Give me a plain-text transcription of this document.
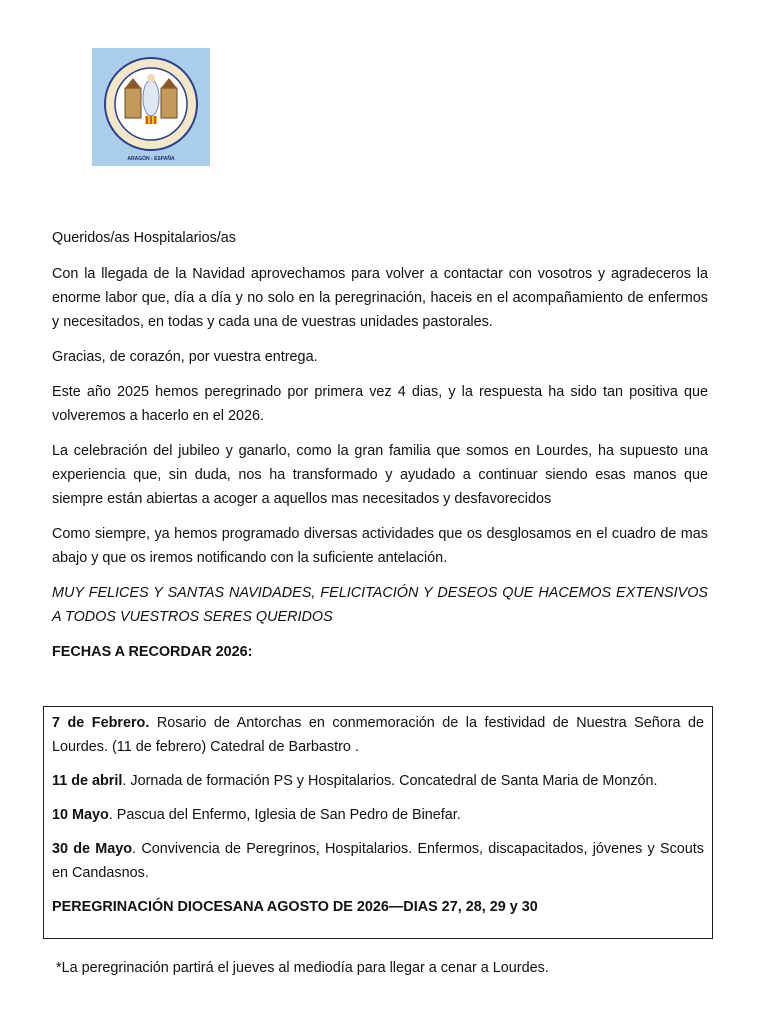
ARAGÓN - ESPAÑA

Queridos/as Hospitalarios/as

Con la llegada de la Navidad aprovechamos para volver a contactar con vosotros y agradeceros la enorme labor que, día a día y no solo en la peregrinación, haceis en el acompañamiento de enfermos y necesitados, en todas y cada una de vuestras unidades pastorales.

Gracias, de corazón, por vuestra entrega.

Este año 2025 hemos peregrinado por primera vez 4 dias, y la respuesta ha sido tan positiva que volveremos a hacerlo en el 2026.

La celebración del jubileo y ganarlo, como la gran familia que somos en Lourdes, ha supuesto una experiencia que, sin duda, nos ha transformado y ayudado a continuar siendo esas manos que siempre están abiertas a acoger a aquellos mas necesitados y desfavorecidos

Como siempre, ya hemos programado diversas actividades que os desglosamos en el cuadro de mas abajo y que os iremos notificando con la suficiente antelación.

MUY FELICES Y SANTAS NAVIDADES, FELICITACIÓN Y DESEOS QUE HACEMOS EXTENSIVOS A TODOS VUESTROS SERES QUERIDOS

FECHAS A RECORDAR 2026:

7 de Febrero. Rosario de Antorchas en conmemoración de la festividad de Nuestra Señora de Lourdes. (11 de febrero) Catedral de Barbastro .

11 de abril. Jornada de formación PS y Hospitalarios. Concatedral de Santa Maria de Monzón.

10 Mayo. Pascua del Enfermo, Iglesia de San Pedro de Binefar.

30 de Mayo. Convivencia de Peregrinos, Hospitalarios. Enfermos, discapacitados, jóvenes y Scouts en Candasnos.

PEREGRINACIÓN DIOCESANA AGOSTO DE 2026—DIAS 27, 28, 29 y 30

*La peregrinación partirá el jueves al mediodía para llegar a cenar a Lourdes.
